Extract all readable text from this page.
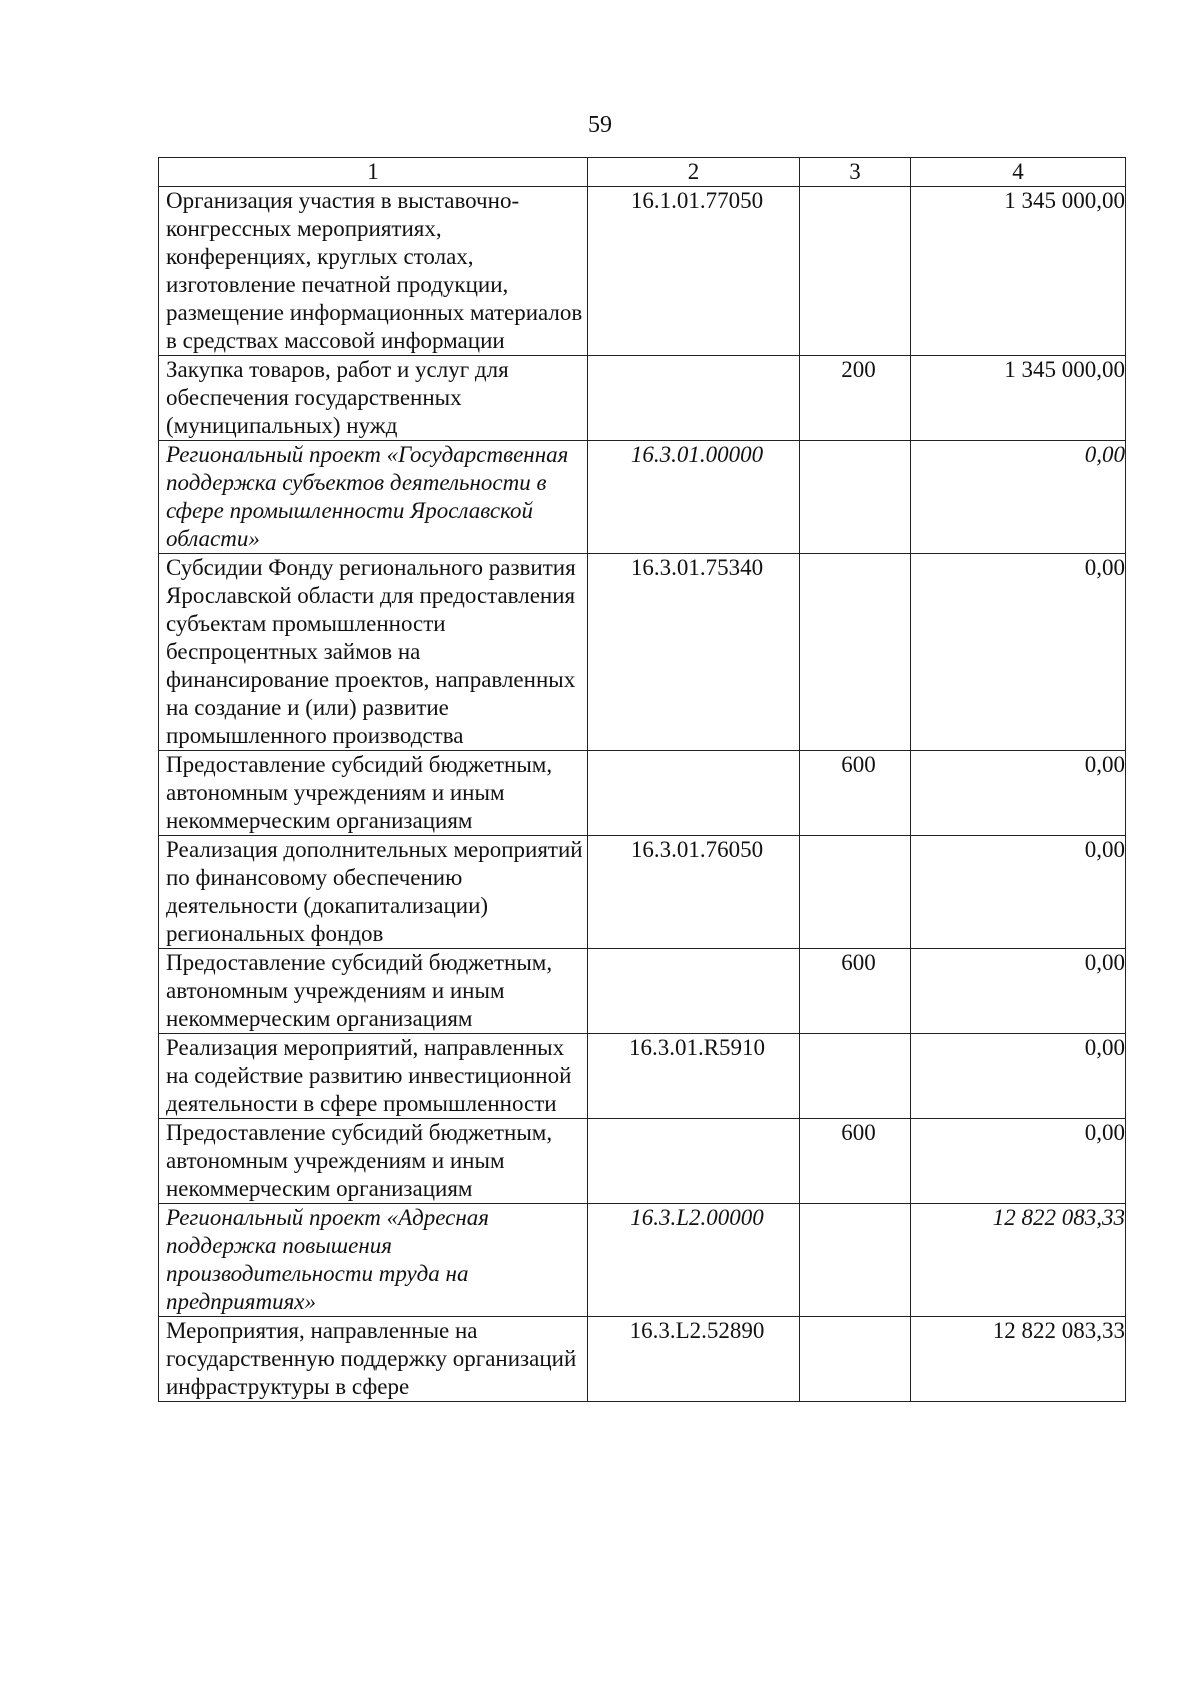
59
1	2	3	4
Организация участия в выставочно-конгрессных мероприятиях, конференциях, круглых столах, изготовление печатной продукции, размещение информационных материалов в средствах массовой информации	16.1.01.77050		1 345 000,00
Закупка товаров, работ и услуг для обеспечения государственных (муниципальных) нужд		200	1 345 000,00
Региональный проект «Государственная поддержка субъектов деятельности в сфере промышленности Ярославской области»	16.3.01.00000		0,00
Субсидии Фонду регионального развития Ярославской области для предоставления субъектам промышленности беспроцентных займов на финансирование проектов, направленных на создание и (или) развитие промышленного производства	16.3.01.75340		0,00
Предоставление субсидий бюджетным, автономным учреждениям и иным некоммерческим организациям		600	0,00
Реализация дополнительных мероприятий по финансовому обеспечению деятельности (докапитализации) региональных фондов	16.3.01.76050		0,00
Предоставление субсидий бюджетным, автономным учреждениям и иным некоммерческим организациям		600	0,00
Реализация мероприятий, направленных на содействие развитию инвестиционной деятельности в сфере промышленности	16.3.01.R5910		0,00
Предоставление субсидий бюджетным, автономным учреждениям и иным некоммерческим организациям		600	0,00
Региональный проект «Адресная поддержка повышения производительности труда на предприятиях»	16.3.L2.00000		12 822 083,33
Мероприятия, направленные на государственную поддержку организаций инфраструктуры в сфере	16.3.L2.52890		12 822 083,33
